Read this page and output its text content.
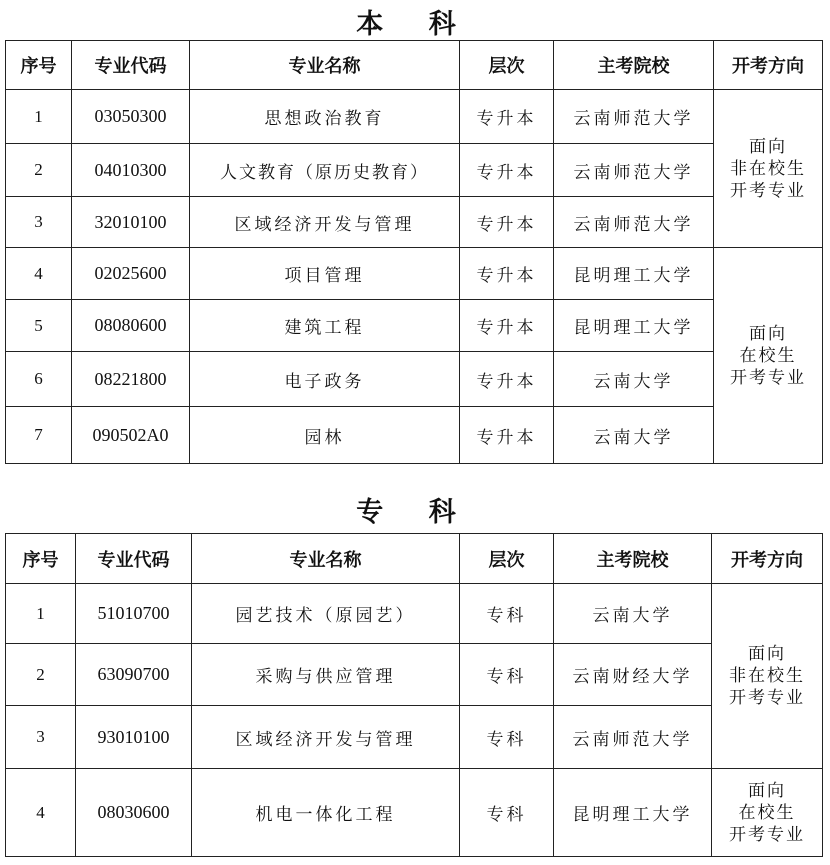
本 科
序号	专业代码	专业名称	层次	主考院校	开考方向
1	03050300	思想政治教育	专升本	云南师范大学	面向
非在校生
开考专业

2	04010300	人文教育（原历史教育）	专升本	云南师范大学	
3	32010100	区域经济开发与管理	专升本	云南师范大学	
4	02025600	项目管理	专升本	昆明理工大学	面向
在校生
开考专业

5	08080600	建筑工程	专升本	昆明理工大学	
6	08221800	电子政务	专升本	云南大学	
7	090502A0	园林	专升本	云南大学	
专 科
序号	专业代码	专业名称	层次	主考院校	开考方向
1	51010700	园艺技术（原园艺）	专科	云南大学	面向
非在校生
开考专业

2	63090700	采购与供应管理	专科	云南财经大学	
3	93010100	区域经济开发与管理	专科	云南师范大学	
4	08030600	机电一体化工程	专科	昆明理工大学	面向
在校生
开考专业
